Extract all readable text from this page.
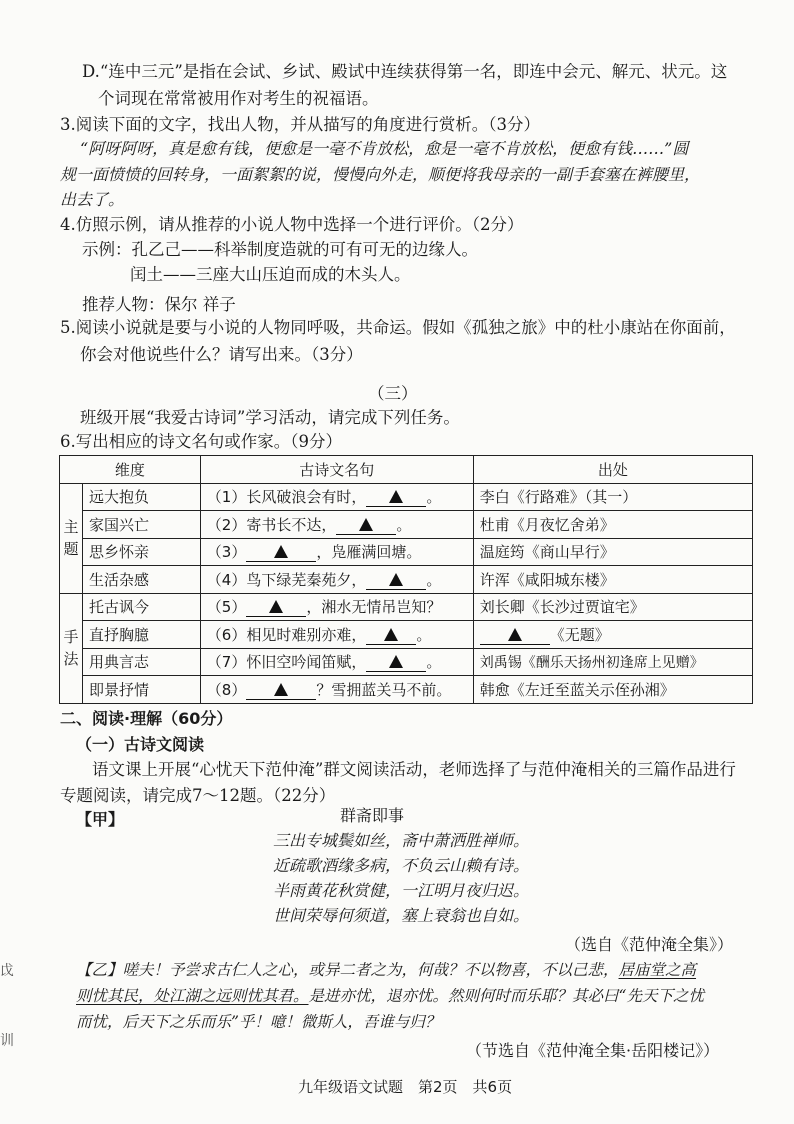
D.“连中三元”是指在会试、乡试、殿试中连续获得第一名，即连中会元、解元、状元。这
个词现在常常被用作对考生的祝福语。
3.阅读下面的文字，找出人物，并从描写的角度进行赏析。（3分）
“阿呀阿呀，真是愈有钱，便愈是一毫不肯放松，愈是一毫不肯放松，便愈有钱……”圆
规一面愤愤的回转身，一面絮絮的说，慢慢向外走，顺便将我母亲的一副手套塞在裤腰里，
出去了。
4.仿照示例，请从推荐的小说人物中选择一个进行评价。（2分）
示例：孔乙己——科举制度造就的可有可无的边缘人。
闰土——三座大山压迫而成的木头人。
推荐人物：保尔 祥子
5.阅读小说就是要与小说的人物同呼吸，共命运。假如《孤独之旅》中的杜小康站在你面前，
你会对他说些什么？请写出来。（3分）
（三）
班级开展“我爱古诗词”学习活动，请完成下列任务。
6.写出相应的诗文名句或作家。（9分）
维度		古诗文名句	出处
主题	远大抱负	（1）长风破浪会有时， 。	李白《行路难》（其一）
	家国兴亡	（2）寄书长不达， 。	杜甫《月夜忆舍弟》
	思乡怀亲	（3） ，凫雁满回塘。	温庭筠《商山早行》
	生活杂感	（4）鸟下绿芜秦苑夕， 。	许浑《咸阳城东楼》
手法	托古讽今	（5） ，湘水无情吊岂知？	刘长卿《长沙过贾谊宅》
	直抒胸臆	（6）相见时难别亦难， 。	《无题》
	用典言志	（7）怀旧空吟闻笛赋， 。	刘禹锡《酬乐天扬州初逢席上见赠》
	即景抒情	（8） ？雪拥蓝关马不前。	韩愈《左迁至蓝关示侄孙湘》
二、阅读·理解（60分）
（一）古诗文阅读
语文课上开展“心忧天下范仲淹”群文阅读活动，老师选择了与范仲淹相关的三篇作品进行
专题阅读，请完成7～12题。（22分）
【甲】	群斋即事
三出专城鬓如丝，斋中萧洒胜禅师。
近疏歌酒缘多病，不负云山赖有诗。
半雨黄花秋赏健，一江明月夜归迟。
世间荣辱何须道，塞上衰翁也自如。
（选自《范仲淹全集》）
【乙】嗟夫！予尝求古仁人之心，或异二者之为，何哉？不以物喜，不以己悲，居庙堂之高
则忧其民，处江湖之远则忧其君。是进亦忧，退亦忧。然则何时而乐耶？其必曰“先天下之忧
而忧，后天下之乐而乐”乎！噫！微斯人，吾谁与归？
（节选自《范仲淹全集·岳阳楼记》）
九年级语文试题　第2页　共6页
戉
训
